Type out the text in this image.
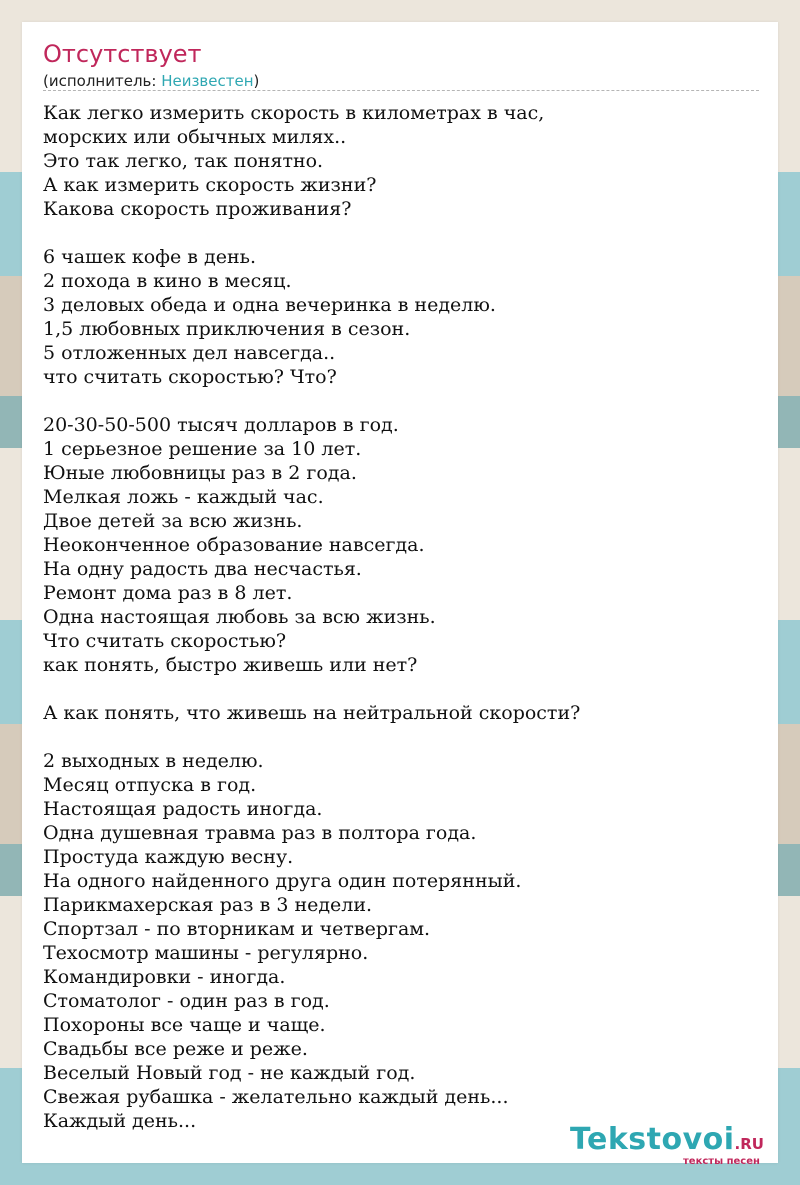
Отсутствует
(исполнитель: Неизвестен)
Как легко измерить скорость в километрах в час,
морских или обычных милях..
Это так легко, так понятно.
А как измерить скорость жизни?
Какова скорость проживания?
6 чашек кофе в день.
2 похода в кино в месяц.
3 деловых обеда и одна вечеринка в неделю.
1,5 любовных приключения в сезон.
5 отложенных дел навсегда..
что считать скоростью? Что?
20-30-50-500 тысяч долларов в год.
1 серьезное решение за 10 лет.
Юные любовницы раз в 2 года.
Мелкая ложь - каждый час.
Двое детей за всю жизнь.
Неоконченное образование навсегда.
На одну радость два несчастья.
Ремонт дома раз в 8 лет.
Одна настоящая любовь за всю жизнь.
Что считать скоростью?
как понять, быстро живешь или нет?
А как понять, что живешь на нейтральной скорости?
2 выходных в неделю.
Месяц отпуска в год.
Настоящая радость иногда.
Одна душевная травма раз в полтора года.
Простуда каждую весну.
На одного найденного друга один потерянный.
Парикмахерская раз в 3 недели.
Спортзал - по вторникам и четвергам.
Техосмотр машины - регулярно.
Командировки - иногда.
Стоматолог - один раз в год.
Похороны все чаще и чаще.
Свадьбы все реже и реже.
Веселый Новый год - не каждый год.
Свежая рубашка - желательно каждый день...
Каждый день...
Tekstovoi.RU
тексты песен
